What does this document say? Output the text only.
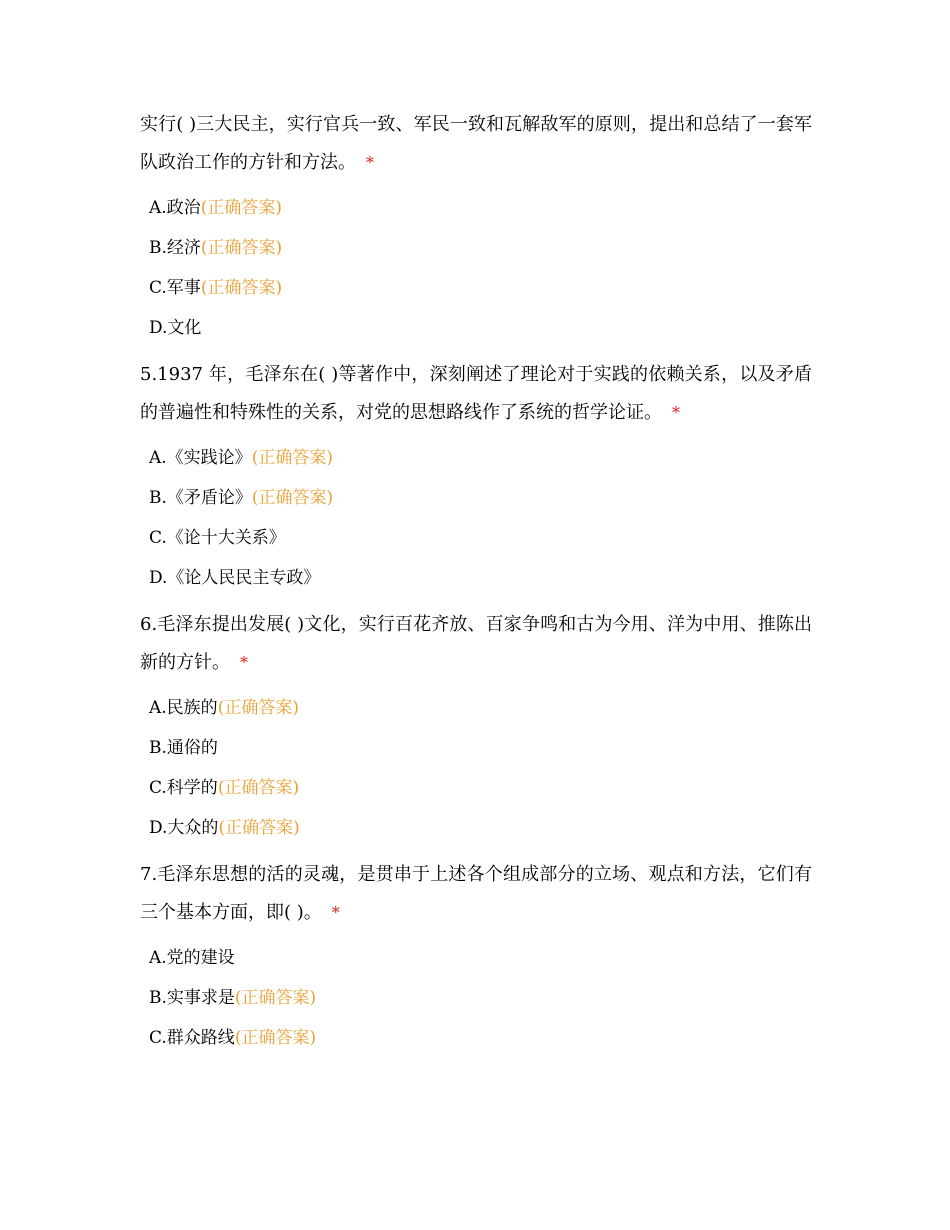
实行( )三大民主，实行官兵一致、军民一致和瓦解敌军的原则，提出和总结了一套军队政治工作的方针和方法。 *

A.政治(正确答案)
B.经济(正确答案)
C.军事(正确答案)
D.文化

5.1937 年，毛泽东在( )等著作中，深刻阐述了理论对于实践的依赖关系，以及矛盾的普遍性和特殊性的关系，对党的思想路线作了系统的哲学论证。 *

A.《实践论》(正确答案)
B.《矛盾论》(正确答案)
C.《论十大关系》
D.《论人民民主专政》

6.毛泽东提出发展( )文化，实行百花齐放、百家争鸣和古为今用、洋为中用、推陈出新的方针。 *

A.民族的(正确答案)
B.通俗的
C.科学的(正确答案)
D.大众的(正确答案)

7.毛泽东思想的活的灵魂，是贯串于上述各个组成部分的立场、观点和方法，它们有三个基本方面，即( )。 *

A.党的建设
B.实事求是(正确答案)
C.群众路线(正确答案)
